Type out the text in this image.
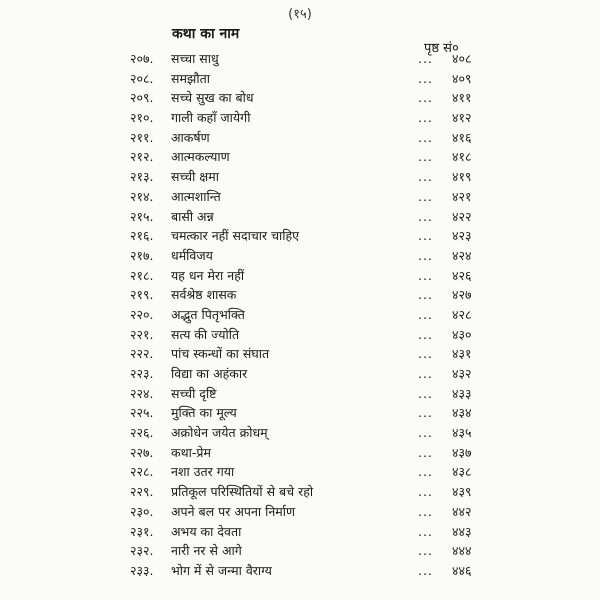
(१५)
कथा का नाम
पृष्ठ सं०
२०७. सच्चा साधु	... ४०८
२०८. समझौता	... ४०९
२०९. सच्चे सुख का बोध	... ४११
२१०. गाली कहाँ जायेगी	... ४१२
२११. आकर्षण	... ४१६
२१२. आत्मकल्याण	... ४१८
२१३. सच्ची क्षमा	... ४१९
२१४. आत्मशान्ति	... ४२१
२१५. बासी अन्न	... ४२२
२१६. चमत्कार नहीं सदाचार चाहिए	... ४२३
२१७. धर्मविजय	... ४२४
२१८. यह धन मेरा नहीं	... ४२६
२१९. सर्वश्रेष्ठ शासक	... ४२७
२२०. अद्भुत पितृभक्ति	... ४२८
२२१. सत्य की ज्योति	... ४३०
२२२. पांच स्कन्धों का संघात	... ४३१
२२३. विद्या का अहंकार	... ४३२
२२४. सच्ची दृष्टि	... ४३३
२२५. मुक्ति का मूल्य	... ४३४
२२६. अक्रोधेन जयेत क्रोधम्	... ४३५
२२७. कथा-प्रेम	... ४३७
२२८. नशा उतर गया	... ४३८
२२९. प्रतिकूल परिस्थितियों से बचे रहो	... ४३९
२३०. अपने बल पर अपना निर्माण	... ४४२
२३१. अभय का देवता	... ४४३
२३२. नारी नर से आगे	... ४४४
२३३. भोग में से जन्मा वैराग्य	... ४४६
